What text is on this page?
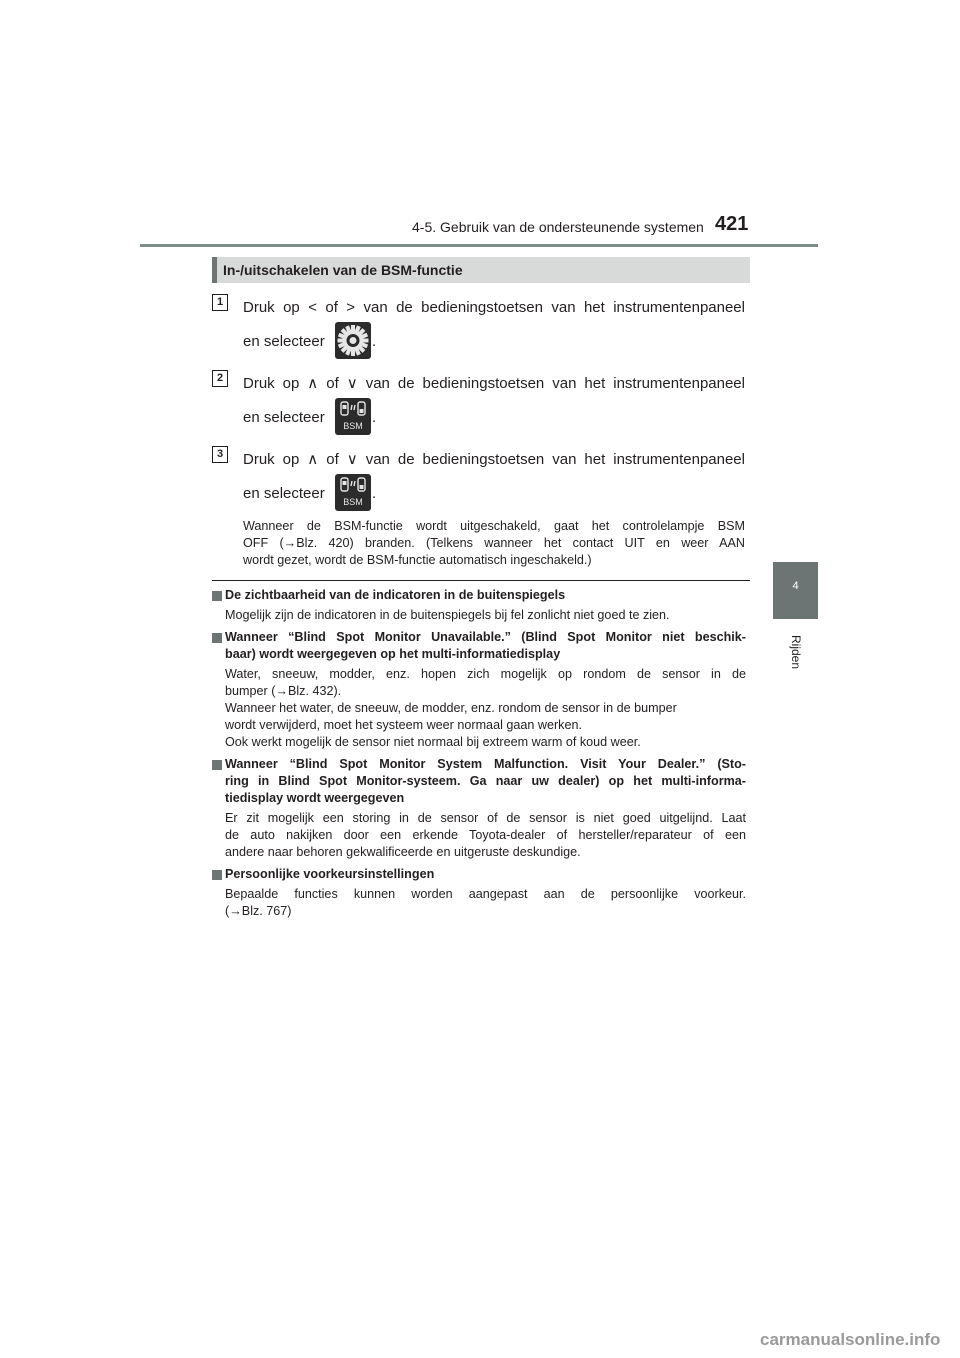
4-5. Gebruik van de ondersteunende systemen 421
4
Rijden
In-/uitschakelen van de BSM-functie
1	Druk op < of > van de bedieningstoetsen van het instrumentenpaneel
en selecteer	.
2	Druk op ∧ of ∨ van de bedieningstoetsen van het instrumentenpaneel
en selecteer BSM .
3	Druk op ∧ of ∨ van de bedieningstoetsen van het instrumentenpaneel
en selecteer BSM .
Wanneer de BSM-functie wordt uitgeschakeld, gaat het controlelampje BSM
OFF (→Blz. 420) branden. (Telkens wanneer het contact UIT en weer AAN
wordt gezet, wordt de BSM-functie automatisch ingeschakeld.)
De zichtbaarheid van de indicatoren in de buitenspiegels
Mogelijk zijn de indicatoren in de buitenspiegels bij fel zonlicht niet goed te zien.
Wanneer “Blind Spot Monitor Unavailable.” (Blind Spot Monitor niet beschik-
baar) wordt weergegeven op het multi-informatiedisplay
Water, sneeuw, modder, enz. hopen zich mogelijk op rondom de sensor in de
bumper (→Blz. 432).
Wanneer het water, de sneeuw, de modder, enz. rondom de sensor in de bumper
wordt verwijderd, moet het systeem weer normaal gaan werken.
Ook werkt mogelijk de sensor niet normaal bij extreem warm of koud weer.
Wanneer “Blind Spot Monitor System Malfunction. Visit Your Dealer.” (Sto-
ring in Blind Spot Monitor-systeem. Ga naar uw dealer) op het multi-informa-
tiedisplay wordt weergegeven
Er zit mogelijk een storing in de sensor of de sensor is niet goed uitgelijnd. Laat
de auto nakijken door een erkende Toyota-dealer of hersteller/reparateur of een
andere naar behoren gekwalificeerde en uitgeruste deskundige.
Persoonlijke voorkeursinstellingen
Bepaalde functies kunnen worden aangepast aan de persoonlijke voorkeur.
(→Blz. 767)
carmanualsonline.info
